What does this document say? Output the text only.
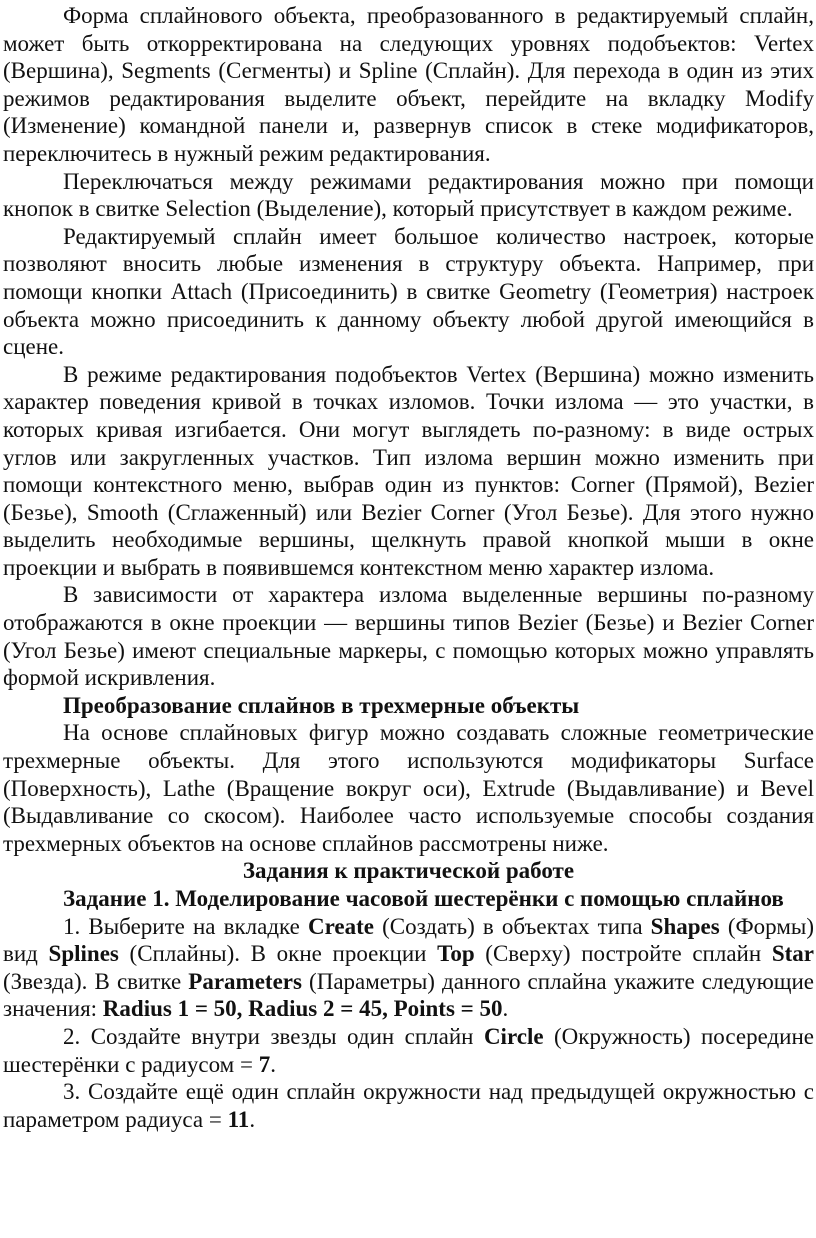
Форма сплайнового объекта, преобразованного в редактируемый сплайн, может быть откорректирована на следующих уровнях подобъектов: Vertex (Вершина), Segments (Сегменты) и Spline (Сплайн). Для перехода в один из этих режимов редактирования выделите объект, перейдите на вкладку Modify (Изменение) командной панели и, развернув список в стеке модификаторов, переключитесь в нужный режим редактирования.

Переключаться между режимами редактирования можно при помощи кнопок в свитке Selection (Выделение), который присутствует в каждом режиме.

Редактируемый сплайн имеет большое количество настроек, которые позволяют вносить любые изменения в структуру объекта. Например, при помощи кнопки Attach (Присоединить) в свитке Geometry (Геометрия) настроек объекта можно присоединить к данному объекту любой другой имеющийся в сцене.

В режиме редактирования подобъектов Vertex (Вершина) можно изменить характер поведения кривой в точках изломов. Точки излома — это участки, в которых кривая изгибается. Они могут выглядеть по-разному: в виде острых углов или закругленных участков. Тип излома вершин можно изменить при помощи контекстного меню, выбрав один из пунктов: Corner (Прямой), Bezier (Безье), Smooth (Сглаженный) или Bezier Corner (Угол Безье). Для этого нужно выделить необходимые вершины, щелкнуть правой кнопкой мыши в окне проекции и выбрать в появившемся контекстном меню характер излома.

В зависимости от характера излома выделенные вершины по-разному отображаются в окне проекции — вершины типов Bezier (Безье) и Bezier Corner (Угол Безье) имеют специальные маркеры, с помощью которых можно управлять формой искривления.

Преобразование сплайнов в трехмерные объекты

На основе сплайновых фигур можно создавать сложные геометрические трехмерные объекты. Для этого используются модификаторы Surface (Поверхность), Lathe (Вращение вокруг оси), Extrude (Выдавливание) и Bevel (Выдавливание со скосом). Наиболее часто используемые способы создания трехмерных объектов на основе сплайнов рассмотрены ниже.

Задания к практической работе

Задание 1. Моделирование часовой шестерёнки с помощью сплайнов

1. Выберите на вкладке Create (Создать) в объектах типа Shapes (Формы) вид Splines (Сплайны). В окне проекции Top (Сверху) постройте сплайн Star (Звезда). В свитке Parameters (Параметры) данного сплайна укажите следующие значения: Radius 1 = 50, Radius 2 = 45, Points = 50.

2. Создайте внутри звезды один сплайн Circle (Окружность) посередине шестерёнки с радиусом = 7.

3. Создайте ещё один сплайн окружности над предыдущей окружностью с параметром радиуса = 11.
